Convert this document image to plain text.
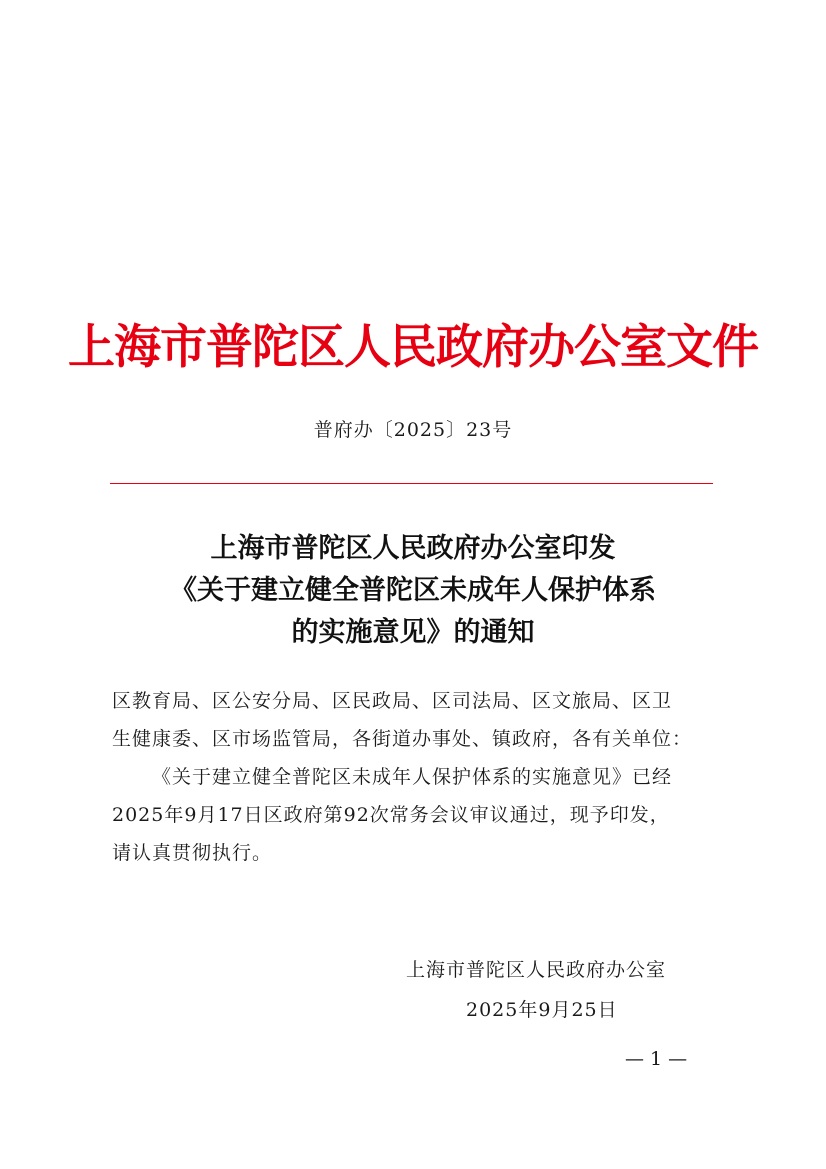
上海市普陀区人民政府办公室文件
普府办〔2025〕23号
上海市普陀区人民政府办公室印发
《关于建立健全普陀区未成年人保护体系
的实施意见》的通知
区教育局、区公安分局、区民政局、区司法局、区文旅局、区卫
生健康委、区市场监管局，各街道办事处、镇政府，各有关单位：
《关于建立健全普陀区未成年人保护体系的实施意见》已经
2025年9月17日区政府第92次常务会议审议通过，现予印发，
请认真贯彻执行。
上海市普陀区人民政府办公室
2025年9月25日
— 1 —
